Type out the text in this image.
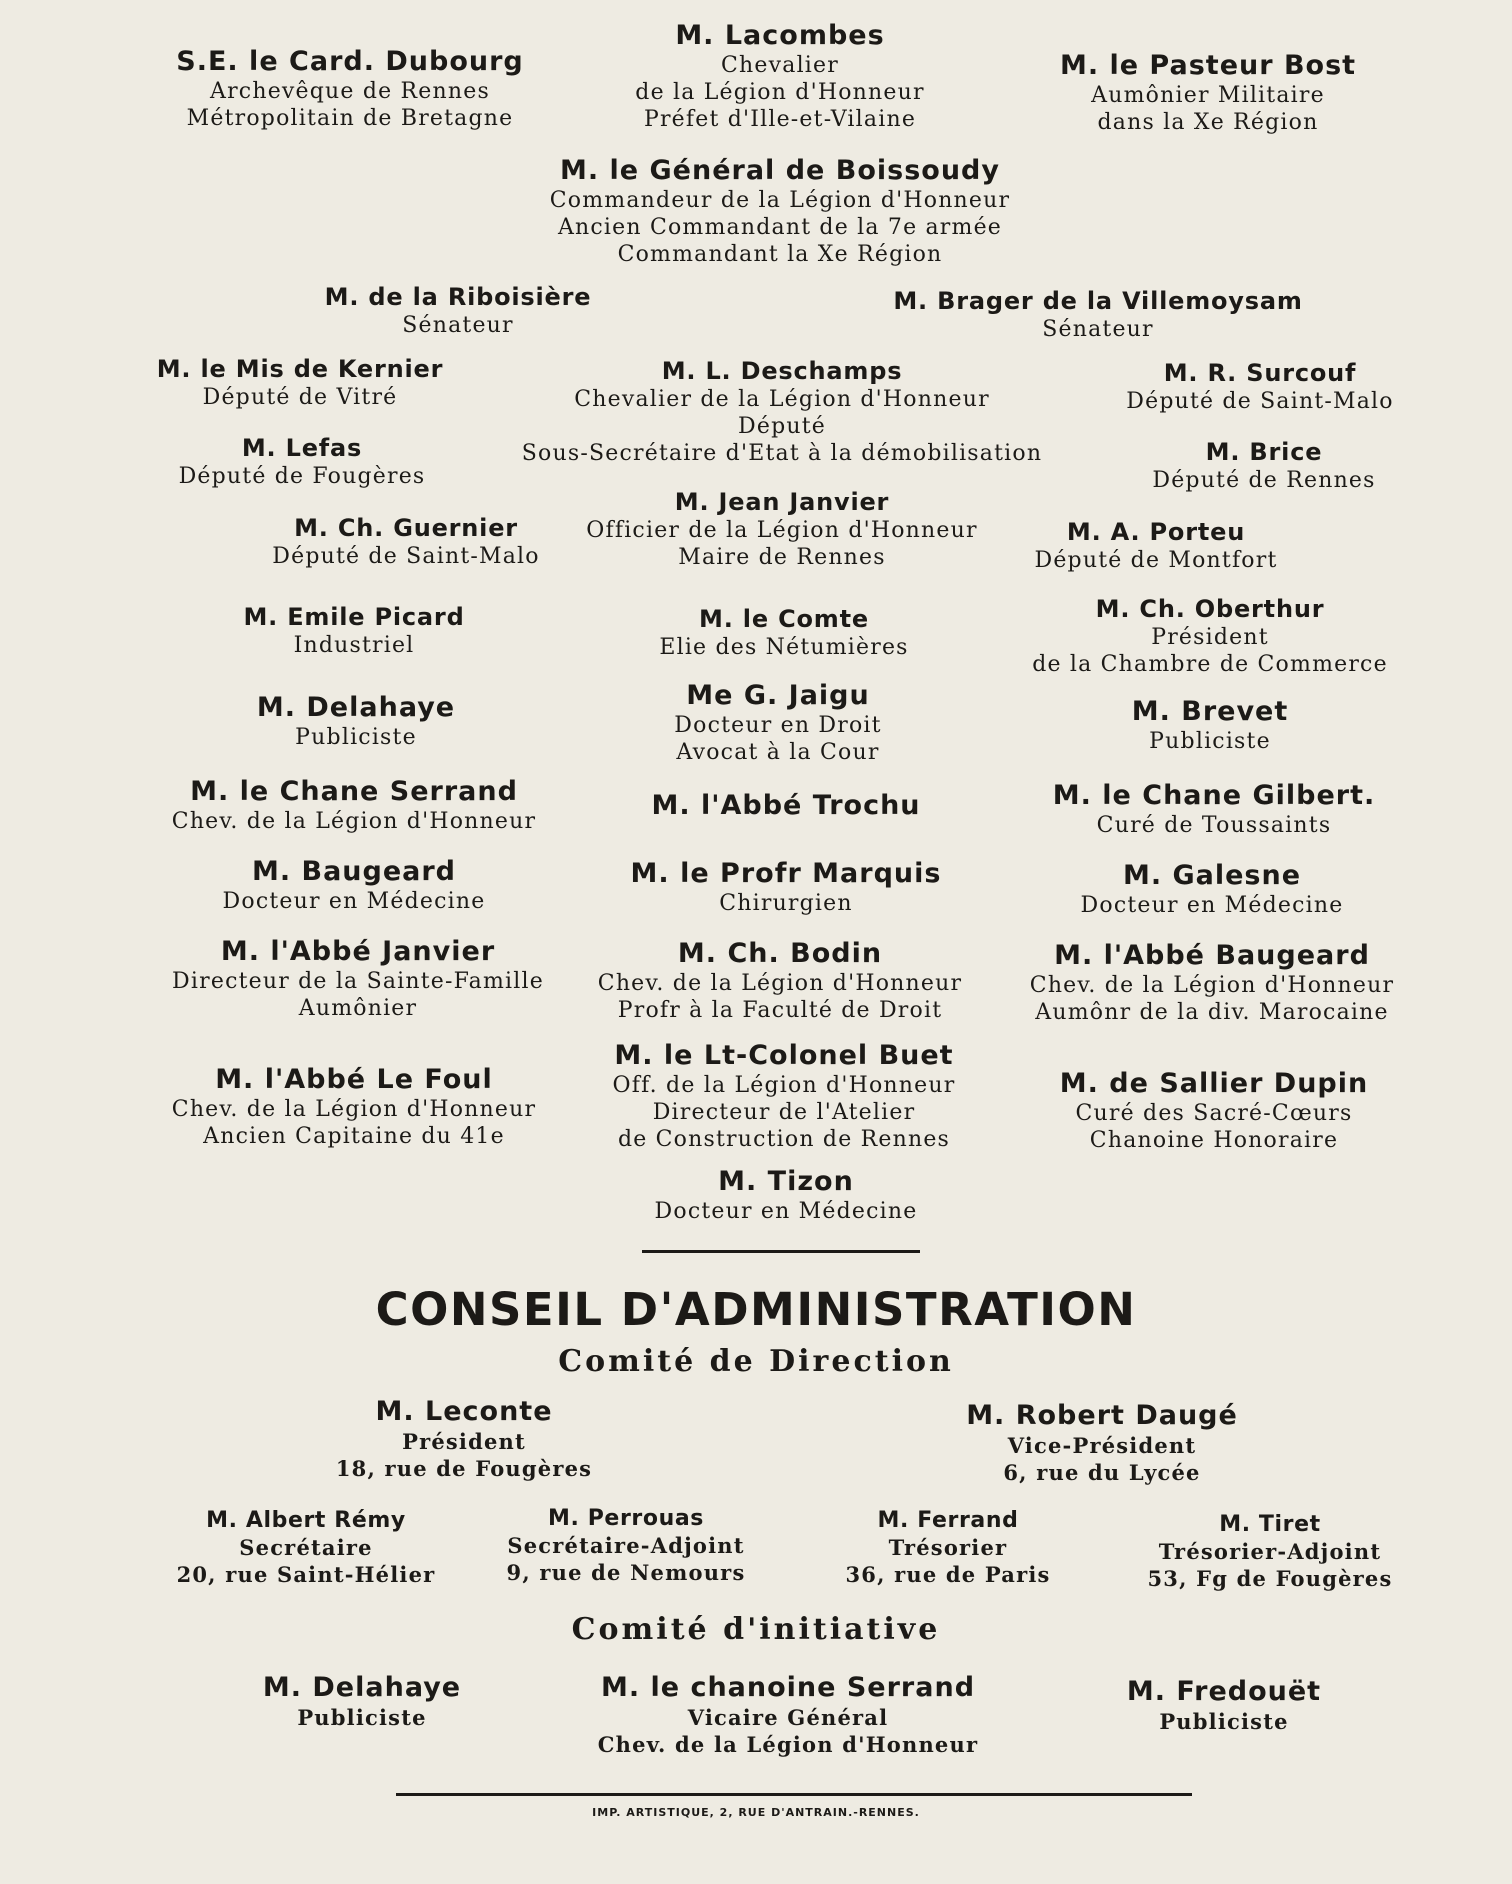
S.E. le Card. Dubourg
Archevêque de Rennes
Métropolitain de Bretagne
M. Lacombes
Chevalier
de la Légion d'Honneur
Préfet d'Ille-et-Vilaine
M. le Pasteur Bost
Aumônier Militaire
dans la Xe Région
M. le Général de Boissoudy
Commandeur de la Légion d'Honneur
Ancien Commandant de la 7e armée
Commandant la Xe Région
M. de la Riboisière
Sénateur
M. Brager de la Villemoysam
Sénateur
M. le Mis de Kernier
Député de Vitré
M. L. Deschamps
Chevalier de la Légion d'Honneur
Député
Sous-Secrétaire d'Etat à la démobilisation
M. R. Surcouf
Député de Saint-Malo
M. Lefas
Député de Fougères
M. Brice
Député de Rennes
M. Jean Janvier
Officier de la Légion d'Honneur
Maire de Rennes
M. Ch. Guernier
Député de Saint-Malo
M. A. Porteu
Député de Montfort
M. Emile Picard
Industriel
M. le Comte
Elie des Nétumières
M. Ch. Oberthur
Président
de la Chambre de Commerce
M. Delahaye
Publiciste
Me G. Jaigu
Docteur en Droit
Avocat à la Cour
M. Brevet
Publiciste
M. le Chane Serrand
Chev. de la Légion d'Honneur
M. l'Abbé Trochu	M. le Chane Gilbert.
Curé de Toussaints
M. Baugeard
Docteur en Médecine
M. le Profr Marquis
Chirurgien
M. Galesne
Docteur en Médecine
M. l'Abbé Janvier
Directeur de la Sainte-Famille
Aumônier
M. Ch. Bodin
Chev. de la Légion d'Honneur
Profr à la Faculté de Droit
M. l'Abbé Baugeard
Chev. de la Légion d'Honneur
Aumônr de la div. Marocaine
M. l'Abbé Le Foul
Chev. de la Légion d'Honneur
Ancien Capitaine du 41e
M. le Lt-Colonel Buet
Off. de la Légion d'Honneur
Directeur de l'Atelier
de Construction de Rennes
M. de Sallier Dupin
Curé des Sacré-Cœurs
Chanoine Honoraire
M. Tizon
Docteur en Médecine
CONSEIL D'ADMINISTRATION
Comité de Direction
M. Leconte
Président
18, rue de Fougères
M. Robert Daugé
Vice-Président
6, rue du Lycée
M. Albert Rémy
Secrétaire
20, rue Saint-Hélier
M. Perrouas
Secrétaire-Adjoint
9, rue de Nemours
M. Ferrand
Trésorier
36, rue de Paris
M. Tiret
Trésorier-Adjoint
53, Fg de Fougères
Comité d'initiative
M. Delahaye
Publiciste
M. le chanoine Serrand
Vicaire Général
Chev. de la Légion d'Honneur
M. Fredouët
Publiciste
IMP. ARTISTIQUE, 2, RUE D'ANTRAIN.-RENNES.
